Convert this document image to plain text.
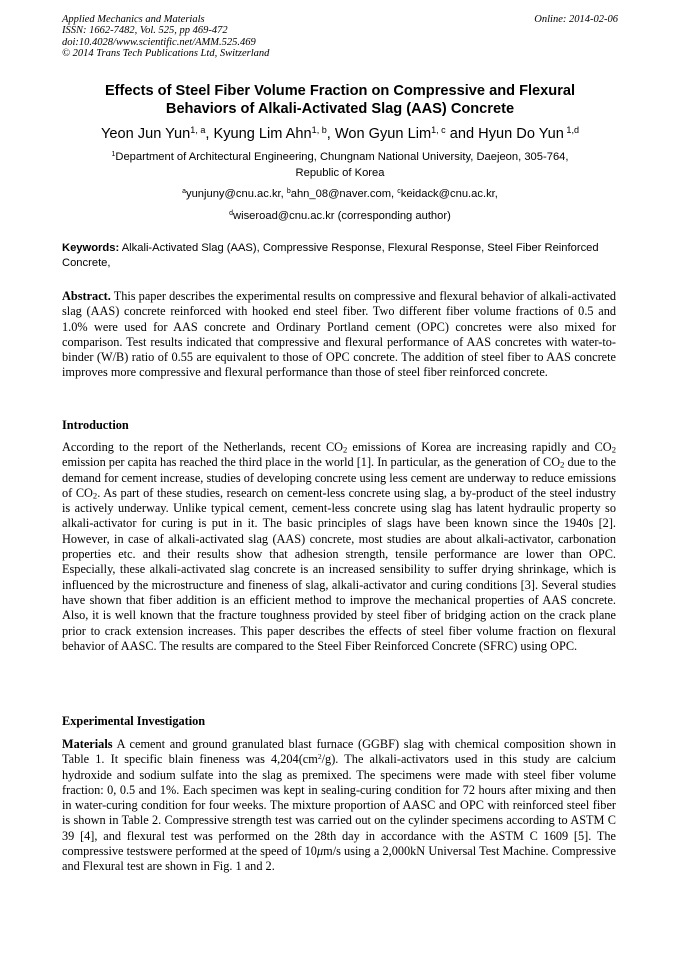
Applied Mechanics and Materials
ISSN: 1662-7482, Vol. 525, pp 469-472
doi:10.4028/www.scientific.net/AMM.525.469
© 2014 Trans Tech Publications Ltd, Switzerland
Online: 2014-02-06
Effects of Steel Fiber Volume Fraction on Compressive and Flexural
Behaviors of Alkali-Activated Slag (AAS) Concrete
Yeon Jun Yun$^{1, a}$, Kyung Lim Ahn$^{1, b}$, Won Gyun Lim$^{1, c}$ and Hyun Do Yun $^{1,d}$
$^1$Department of Architectural Engineering, Chungnam National University, Daejeon, 305-764,
Republic of Korea
$^a$yunjuny@cnu.ac.kr, $^b$ahn_08@naver.com, $^c$keidack@cnu.ac.kr,
$^d$wiseroad@cnu.ac.kr (corresponding author)
Keywords: Alkali-Activated Slag (AAS), Compressive Response, Flexural Response, Steel Fiber Reinforced Concrete,
Abstract. This paper describes the experimental results on compressive and flexural behavior of alkali-activated slag (AAS) concrete reinforced with hooked end steel fiber. Two different fiber volume fractions of 0.5 and 1.0% were used for AAS concrete and Ordinary Portland cement (OPC) concretes were also mixed for comparison. Test results indicated that compressive and flexural performance of AAS concretes with water-to-binder (W/B) ratio of 0.55 are equivalent to those of OPC concrete. The addition of steel fiber to AAS concrete improves more compressive and flexural performance than those of steel fiber reinforced concrete.
Introduction
According to the report of the Netherlands, recent $CO_2$ emissions of Korea are increasing rapidly and $CO_2$ emission per capita has reached the third place in the world [1]. In particular, as the generation of $CO_2$ due to the demand for cement increase, studies of developing concrete using less cement are underway to reduce emissions of $CO_2$. As part of these studies, research on cement-less concrete using slag, a by-product of the steel industry is actively underway. Unlike typical cement, cement-less concrete using slag has latent hydraulic property so alkali-activator for curing is put in it. The basic principles of slags have been known since the 1940s [2]. However, in case of alkali-activated slag (AAS) concrete, most studies are about alkali-activator, carbonation properties etc. and their results show that adhesion strength, tensile performance are lower than OPC. Especially, these alkali-activated slag concrete is an increased sensibility to suffer drying shrinkage, which is influenced by the microstructure and fineness of slag, alkali-activator and curing conditions [3]. Several studies have shown that fiber addition is an efficient method to improve the mechanical properties of AAS concrete. Also, it is well known that the fracture toughness provided by steel fiber of bridging action on the crack plane prior to crack extension increases. This paper describes the effects of steel fiber volume fraction on flexural behavior of AASC. The results are compared to the Steel Fiber Reinforced Concrete (SFRC) using OPC.
Experimental Investigation
Materials A cement and ground granulated blast furnace (GGBF) slag with chemical composition shown in Table 1. It specific blain fineness was $4,204(cm^2/g)$. The alkali-activators used in this study are calcium hydroxide and sodium sulfate into the slag as premixed. The specimens were made with steel fiber volume fraction: 0, 0.5 and 1%. Each specimen was kept in sealing-curing condition for 72 hours after mixing and then in water-curing condition for four weeks. The mixture proportion of AASC and OPC with reinforced steel fiber is shown in Table 2. Compressive strength test was carried out on the cylinder specimens according to ASTM C 39 [4], and flexural test was performed on the 28th day in accordance with the ASTM C 1609 [5]. The compressive testswere performed at the speed of 10μm/s using a 2,000kN Universal Test Machine. Compressive and Flexural test are shown in Fig. 1 and 2.
